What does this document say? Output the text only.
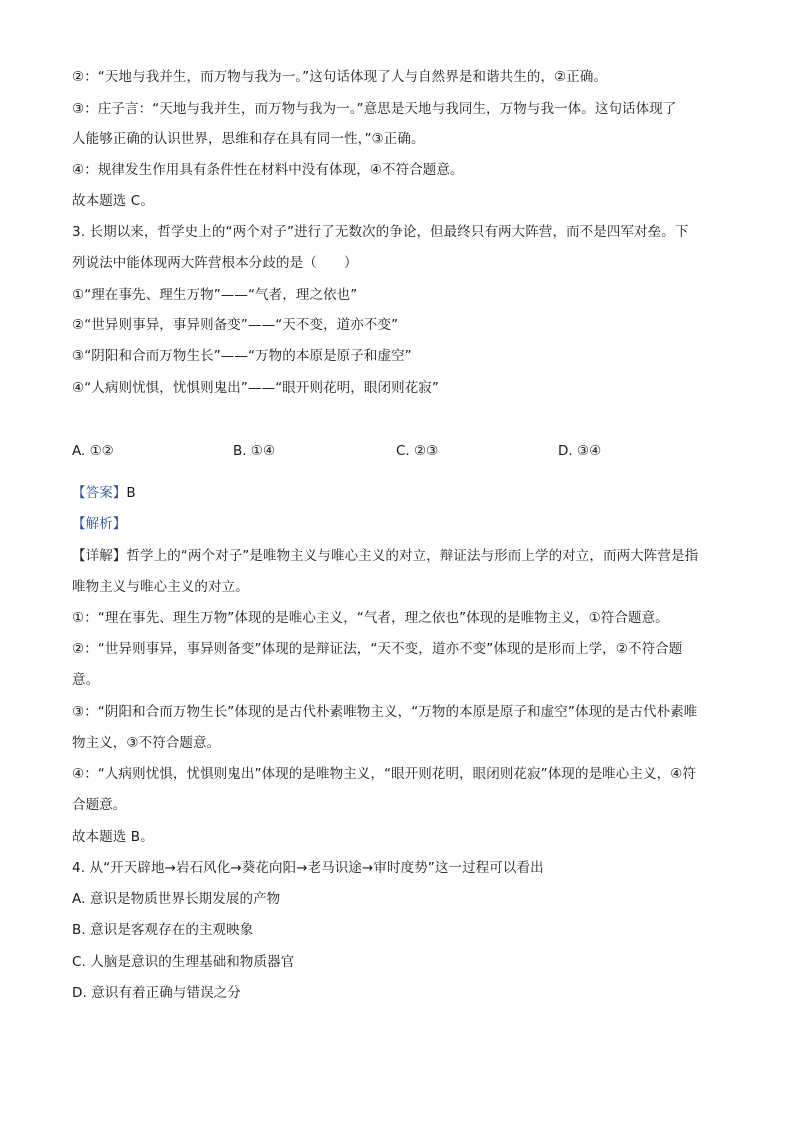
②：“天地与我并生，而万物与我为一。”这句话体现了人与自然界是和谐共生的，②正确。
③：庄子言：“天地与我并生，而万物与我为一。”意思是天地与我同生，万物与我一体。这句话体现了
人能够正确的认识世界，思维和存在具有同一性，”③正确。
④：规律发生作用具有条件性在材料中没有体现，④不符合题意。
故本题选 C。
3. 长期以来，哲学史上的“两个对子”进行了无数次的争论，但最终只有两大阵营，而不是四军对垒。下
列说法中能体现两大阵营根本分歧的是（　　）
①“理在事先、理生万物”——“气者，理之依也”
②“世异则事异，事异则备变”——“天不变，道亦不变”
③“阴阳和合而万物生长”——“万物的本原是原子和虚空”
④“人病则忧惧，忧惧则鬼出”——“眼开则花明，眼闭则花寂”
A. ①②	B. ①④	C. ②③	D. ③④
【答案】B
【解析】
【详解】哲学上的“两个对子”是唯物主义与唯心主义的对立，辩证法与形而上学的对立，而两大阵营是指
唯物主义与唯心主义的对立。
①：“理在事先、理生万物”体现的是唯心主义，“气者，理之依也”体现的是唯物主义，①符合题意。
②：“世异则事异，事异则备变”体现的是辩证法，“天不变，道亦不变”体现的是形而上学，②不符合题
意。
③：“阴阳和合而万物生长”体现的是古代朴素唯物主义，“万物的本原是原子和虚空”体现的是古代朴素唯
物主义，③不符合题意。
④：“人病则忧惧，忧惧则鬼出”体现的是唯物主义，“眼开则花明，眼闭则花寂”体现的是唯心主义，④符
合题意。
故本题选 B。
4. 从“开天辟地→岩石风化→葵花向阳→老马识途→审时度势”这一过程可以看出
A. 意识是物质世界长期发展的产物
B. 意识是客观存在的主观映象
C. 人脑是意识的生理基础和物质器官
D. 意识有着正确与错误之分
